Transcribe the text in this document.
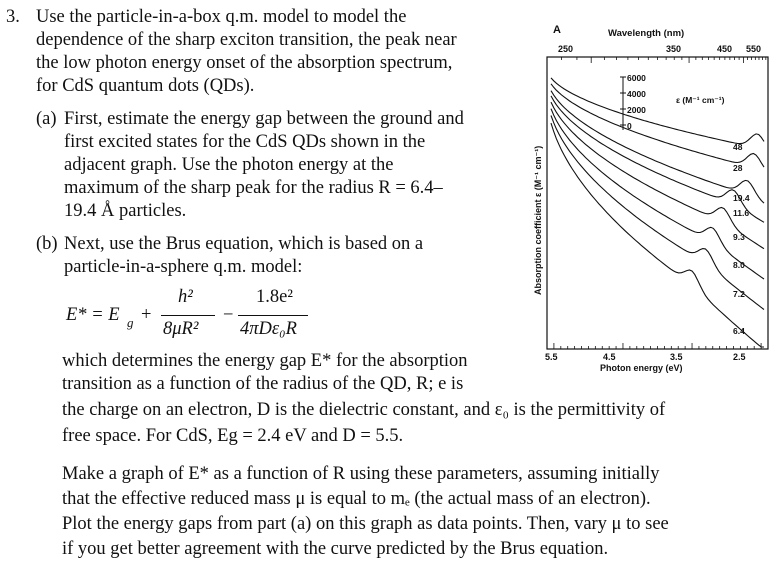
3. Use the particle-in-a-box q.m. model to model the
dependence of the sharp exciton transition, the peak near
the low photon energy onset of the absorption spectrum,
for CdS quantum dots (QDs).
(a) First, estimate the energy gap between the ground and
first excited states for the CdS QDs shown in the
adjacent graph. Use the photon energy at the
maximum of the sharp peak for the radius R = 6.4–
19.4 Å particles.
(b) Next, use the Brus equation, which is based on a
particle-in-a-sphere q.m. model:
E* = E g +
h²
8μR²
−
1.8e²
4πDε₀R
which determines the energy gap E* for the absorption
transition as a function of the radius of the QD, R; e is
the charge on an electron, D is the dielectric constant, and ε₀ is the permittivity of
free space. For CdS, Eg = 2.4 eV and D = 5.5.
Make a graph of E* as a function of R using these parameters, assuming initially
that the effective reduced mass μ is equal to mₑ (the actual mass of an electron).
Plot the energy gaps from part (a) on this graph as data points. Then, vary μ to see
if you get better agreement with the curve predicted by the Brus equation.
A	Wavelength (nm)
250	350	450 550
5.5	4.5	3.5	2.5
Photon energy (eV)
Absorption coefficient ε (M⁻¹ cm⁻¹)
ε (M⁻¹ cm⁻¹)
6000
4000
2000
0
48
28
19.4
11.6
9.3
8.0
7.2
6.4
